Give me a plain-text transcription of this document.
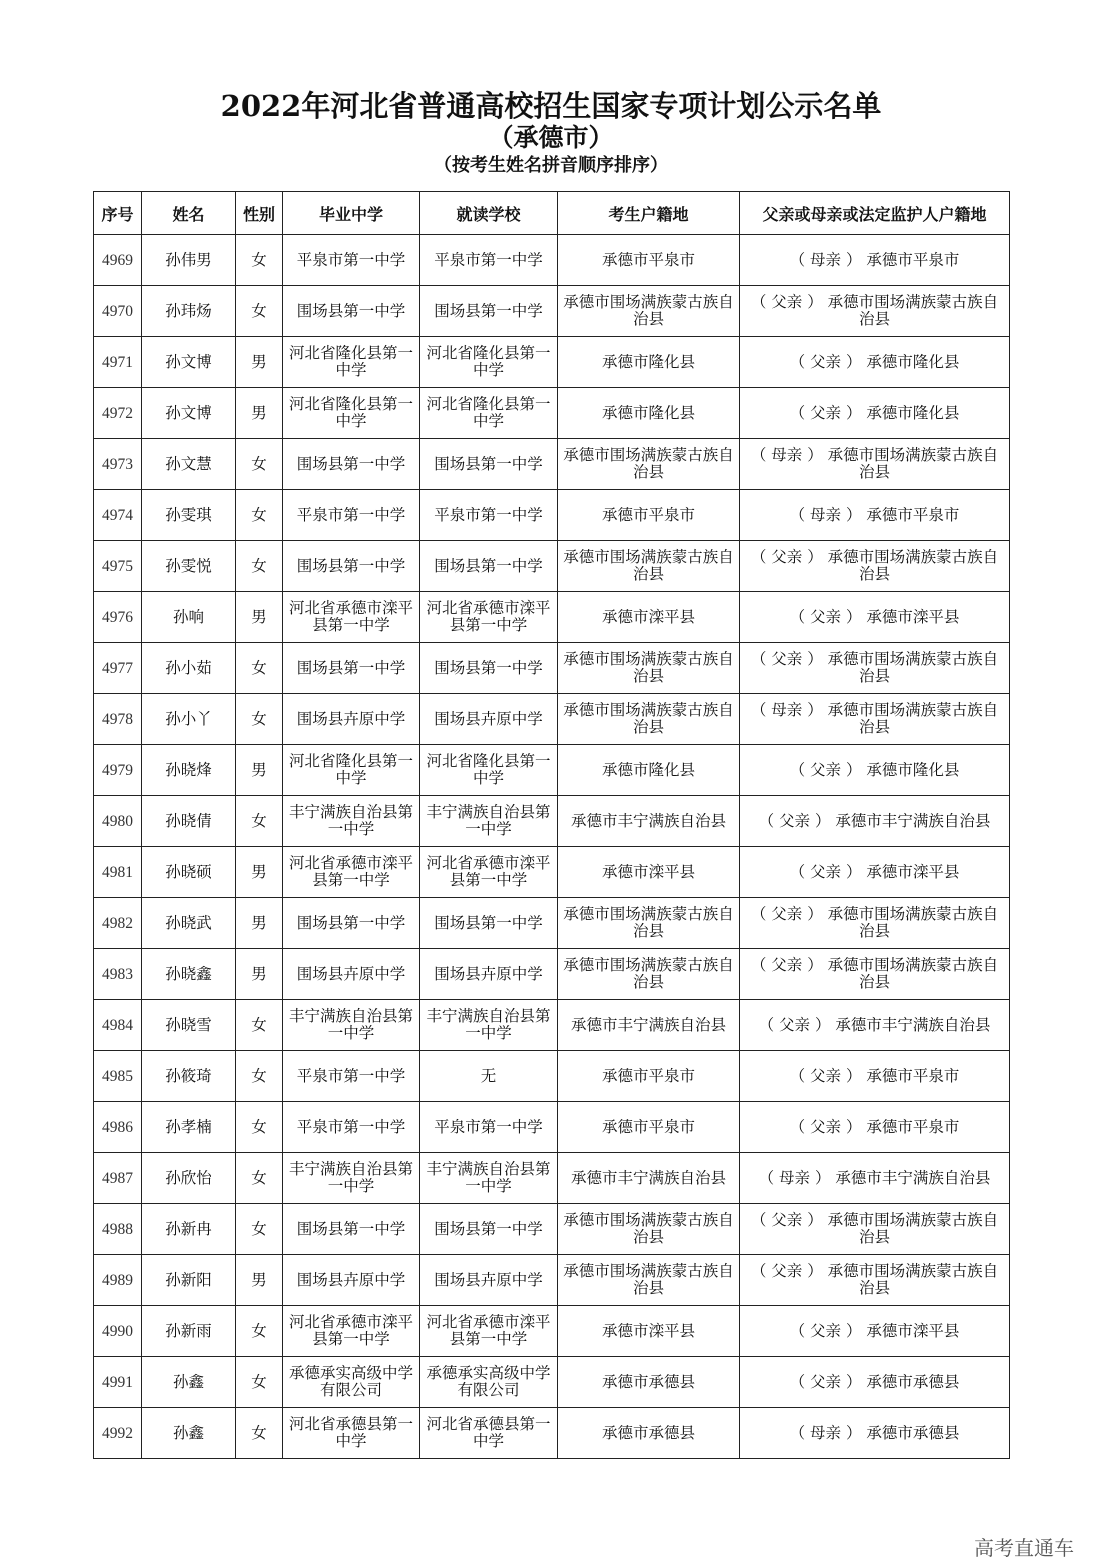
2022年河北省普通高校招生国家专项计划公示名单
（承德市）
（按考生姓名拼音顺序排序）
序号	姓名	性别	毕业中学	就读学校	考生户籍地	父亲或母亲或法定监护人户籍地
4969	孙伟男	女	平泉市第一中学	平泉市第一中学	承德市平泉市	（ 母亲 ） 承德市平泉市
4970	孙玮炀	女	围场县第一中学	围场县第一中学	承德市围场满族蒙古族自治县	（ 父亲 ） 承德市围场满族蒙古族自治县
4971	孙文博	男	河北省隆化县第一中学	河北省隆化县第一中学	承德市隆化县	（ 父亲 ） 承德市隆化县
4972	孙文博	男	河北省隆化县第一中学	河北省隆化县第一中学	承德市隆化县	（ 父亲 ） 承德市隆化县
4973	孙文慧	女	围场县第一中学	围场县第一中学	承德市围场满族蒙古族自治县	（ 母亲 ） 承德市围场满族蒙古族自治县
4974	孙雯琪	女	平泉市第一中学	平泉市第一中学	承德市平泉市	（ 母亲 ） 承德市平泉市
4975	孙雯悦	女	围场县第一中学	围场县第一中学	承德市围场满族蒙古族自治县	（ 父亲 ） 承德市围场满族蒙古族自治县
4976	孙响	男	河北省承德市滦平县第一中学	河北省承德市滦平县第一中学	承德市滦平县	（ 父亲 ） 承德市滦平县
4977	孙小茹	女	围场县第一中学	围场县第一中学	承德市围场满族蒙古族自治县	（ 父亲 ） 承德市围场满族蒙古族自治县
4978	孙小丫	女	围场县卉原中学	围场县卉原中学	承德市围场满族蒙古族自治县	（ 母亲 ） 承德市围场满族蒙古族自治县
4979	孙晓烽	男	河北省隆化县第一中学	河北省隆化县第一中学	承德市隆化县	（ 父亲 ） 承德市隆化县
4980	孙晓倩	女	丰宁满族自治县第一中学	丰宁满族自治县第一中学	承德市丰宁满族自治县	（ 父亲 ） 承德市丰宁满族自治县
4981	孙晓硕	男	河北省承德市滦平县第一中学	河北省承德市滦平县第一中学	承德市滦平县	（ 父亲 ） 承德市滦平县
4982	孙晓武	男	围场县第一中学	围场县第一中学	承德市围场满族蒙古族自治县	（ 父亲 ） 承德市围场满族蒙古族自治县
4983	孙晓鑫	男	围场县卉原中学	围场县卉原中学	承德市围场满族蒙古族自治县	（ 父亲 ） 承德市围场满族蒙古族自治县
4984	孙晓雪	女	丰宁满族自治县第一中学	丰宁满族自治县第一中学	承德市丰宁满族自治县	（ 父亲 ） 承德市丰宁满族自治县
4985	孙筱琦	女	平泉市第一中学	无	承德市平泉市	（ 父亲 ） 承德市平泉市
4986	孙孝楠	女	平泉市第一中学	平泉市第一中学	承德市平泉市	（ 父亲 ） 承德市平泉市
4987	孙欣怡	女	丰宁满族自治县第一中学	丰宁满族自治县第一中学	承德市丰宁满族自治县	（ 母亲 ） 承德市丰宁满族自治县
4988	孙新冉	女	围场县第一中学	围场县第一中学	承德市围场满族蒙古族自治县	（ 父亲 ） 承德市围场满族蒙古族自治县
4989	孙新阳	男	围场县卉原中学	围场县卉原中学	承德市围场满族蒙古族自治县	（ 父亲 ） 承德市围场满族蒙古族自治县
4990	孙新雨	女	河北省承德市滦平县第一中学	河北省承德市滦平县第一中学	承德市滦平县	（ 父亲 ） 承德市滦平县
4991	孙鑫	女	承德承实高级中学有限公司	承德承实高级中学有限公司	承德市承德县	（ 父亲 ） 承德市承德县
4992	孙鑫	女	河北省承德县第一中学	河北省承德县第一中学	承德市承德县	（ 母亲 ） 承德市承德县
高考直通车
